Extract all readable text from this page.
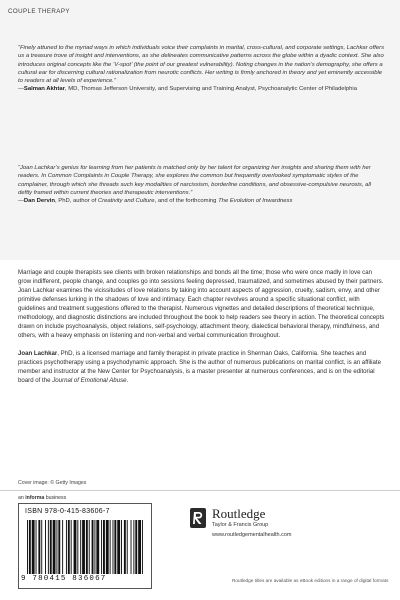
COUPLE THERAPY

“Finely attuned to the myriad ways in which individuals voice their complaints in marital, cross-cultural, and corporate settings, Lachkar offers us a treasure trove of insight and interventions, as she delineates communicative patterns across the globe within a dyadic context. She also introduces original concepts like the ‘V-spot’ (the point of our greatest vulnerability). Noting changes in the nation’s demography, she offers a cultural ear for discerning cultural rationalization from neurotic conflicts. Her writing is firmly anchored in theory and yet eminently accessible to readers at all levels of experience.”

—Salman Akhtar, MD, Thomas Jefferson University, and Supervising and Training Analyst, Psychoanalytic Center of Philadelphia

“Joan Lachkar’s genius for learning from her patients is matched only by her talent for organizing her insights and sharing them with her readers. In Common Complaints in Couple Therapy, she explores the common but frequently overlooked symptomatic styles of the complainer, through which she threads such key modalities of narcissism, borderline conditions, and obsessive-compulsive neurosis, all deftly framed within current theories and therapeutic interventions.”

—Dan Dervin, PhD, author of Creativity and Culture, and of the forthcoming The Evolution of Inwardness

Marriage and couple therapists see clients with broken relationships and bonds all the time; those who were once madly in love can grow indifferent, people change, and couples go into sessions feeling depressed, traumatized, and sometimes abused by their partners. Joan Lachkar examines the vicissitudes of love relations by taking into account aspects of aggression, cruelty, sadism, envy, and other primitive defenses lurking in the shadows of love and intimacy. Each chapter revolves around a specific situational conflict, with guidelines and treatment suggestions offered to the therapist. Numerous vignettes and detailed descriptions of theoretical technique, methodology, and diagnostic distinctions are included throughout the book to help readers see theory in action. The theoretical concepts drawn on include psychoanalysis, object relations, self-psychology, attachment theory, dialectical behavioral therapy, mindfulness, and others, with a heavy emphasis on listening and non-verbal and verbal communication throughout.

Joan Lachkar, PhD, is a licensed marriage and family therapist in private practice in Sherman Oaks, California. She teaches and practices psychotherapy using a psychodynamic approach. She is the author of numerous publications on marital conflict, is an affiliate member and instructor at the New Center for Psychoanalysis, is a master presenter at numerous conferences, and is on the editorial board of the Journal of Emotional Abuse.

Cover image: © Getty Images
an informa business
ISBN 978-0-415-83606-7
9 780415 836067
Routledge
Taylor & Francis Group
www.routledgementalhealth.com
Routledge titles are available as eBook editions in a range of digital formats
